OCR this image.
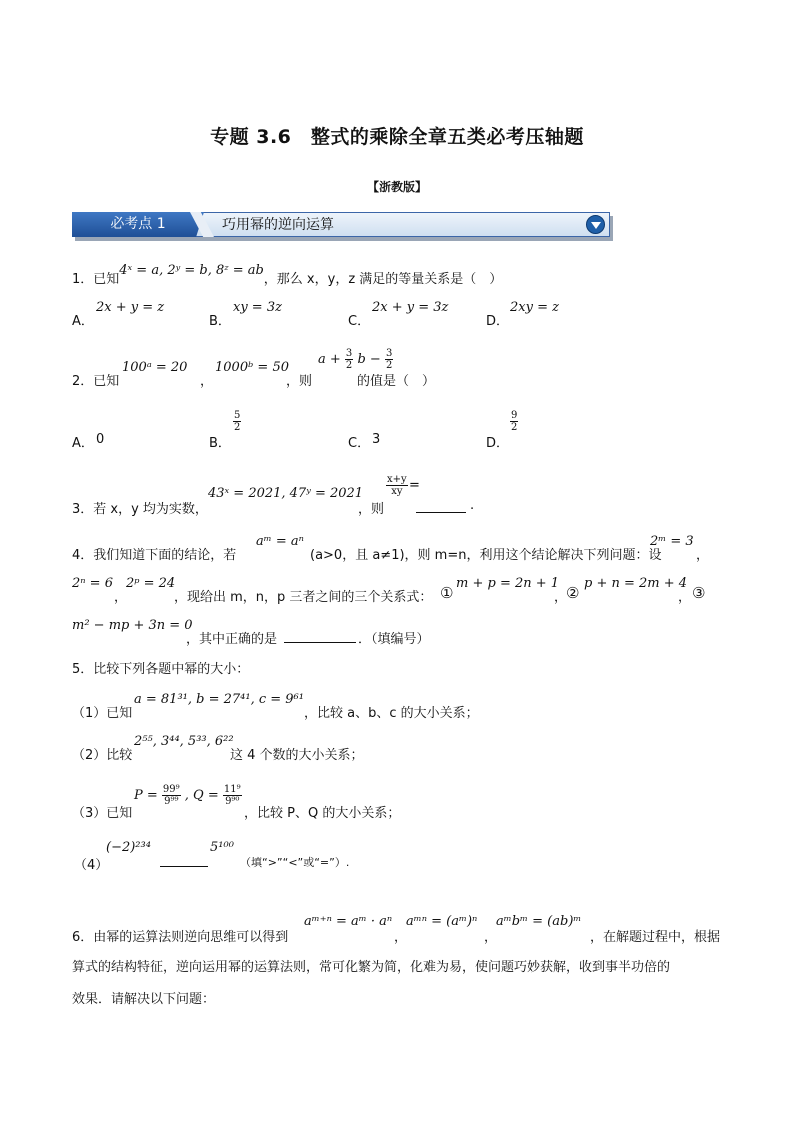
专题 3.6　整式的乘除全章五类必考压轴题
【浙教版】
必考点 1	巧用幂的逆向运算
1．已知4ˣ = a, 2ʸ = b, 8ᶻ = ab，那么 x，y，z 满足的等量关系是（　）
A．
2x + y = z
B．
xy = 3z
C．
2x + y = 3z
D．
2xy = z
2．已知
100ᵃ = 20
，
1000ᵇ = 50
，则
$a + \frac{3}{2}$ $b - \frac{3}{2}$
的值是（　）
A． 0	B．
$\frac{5}{2}$
C． 3	D．
$\frac{9}{2}$
3．若 x，y 均为实数，
43ˣ = 2021, 47ʸ = 2021
，则
$\frac{x+y}{xy}$ =
.
4．我们知道下面的结论，若
aᵐ = aⁿ
(a>0，且 a≠1)，则 m=n，利用这个结论解决下列问题：设
2ᵐ = 3
，
2ⁿ = 6
，
2ᵖ = 24
，现给出 m，n，p 三者之间的三个关系式： ①
m + p = 2n + 1
，
②
p + n = 2m + 4
， ③
m² − mp + 3n = 0
，其中正确的是	．（填编号）
5．比较下列各题中幂的大小：
（1）已知
a = 81³¹, b = 27⁴¹, c = 9⁶¹
，比较 a、b、c 的大小关系；
（2）比较
2⁵⁵, 3⁴⁴, 5³³, 6²²
这 4 个数的大小关系；
（3）已知
$P = \frac{\text{99⁹}}{\text{9⁹⁹}}$ , $Q = \frac{\text{11⁹}}{\text{9⁹⁰}}$
，比较 P、Q 的大小关系；
（4）
(−2)²³⁴	5¹⁰⁰
（填“>”“<”或“=”）.
6．由幂的运算法则逆向思维可以得到
aᵐ⁺ⁿ = aᵐ · aⁿ
，
aᵐⁿ = (aᵐ)ⁿ
，
aᵐbᵐ = (ab)ᵐ
，在解题过程中，根据
算式的结构特征，逆向运用幂的运算法则，常可化繁为简，化难为易，使问题巧妙获解，收到事半功倍的
效果．请解决以下问题：
